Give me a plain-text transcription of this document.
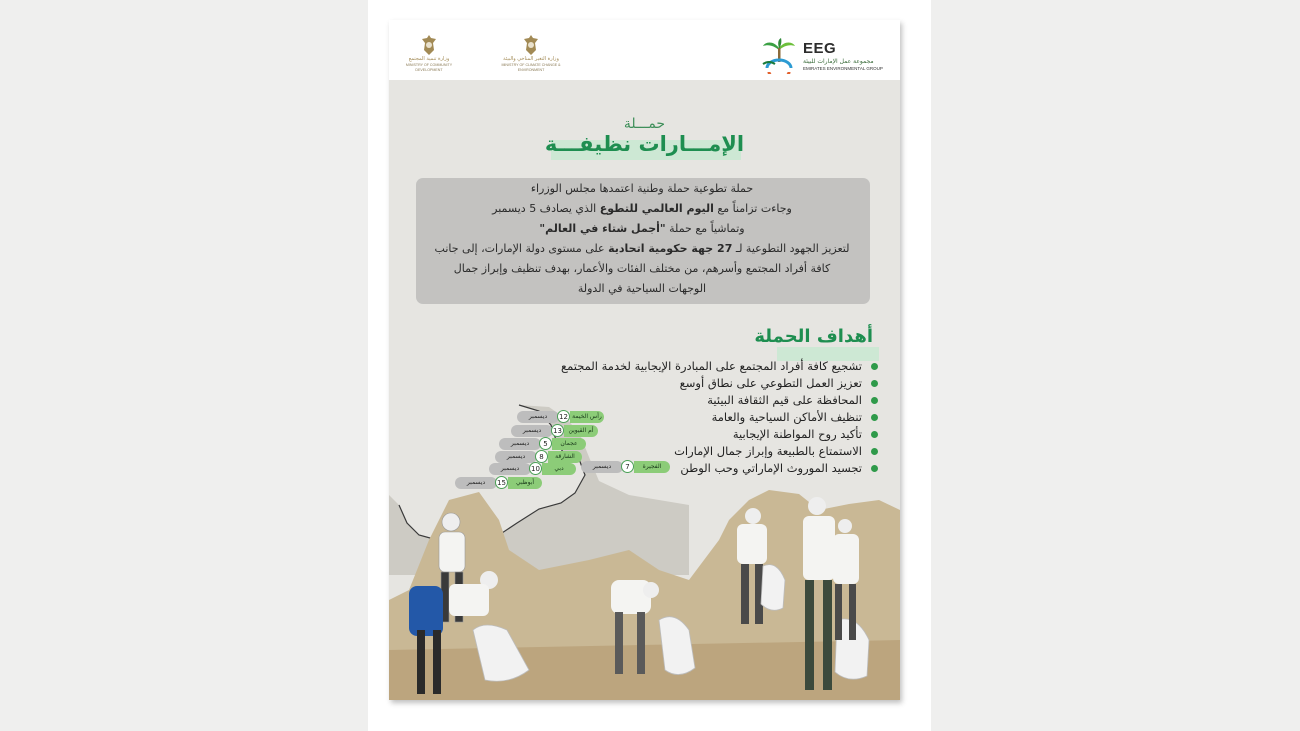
EEG
مجموعة عمل الإمارات للبيئة
EMIRATES ENVIRONMENTAL GROUP
وزارة التغير المناخي والبيئة
MINISTRY OF CLIMATE CHANGE & ENVIRONMENT
وزارة تنمية المجتمع
MINISTRY OF COMMUNITY DEVELOPMENT
حمـــلة
الإمـــارات نظيفـــة
حملة تطوعية حملة وطنية اعتمدها مجلس الوزراء
وجاءت تزامناً مع اليوم العالمي للتطوع الذي يصادف 5 ديسمبر
وتماشياً مع حملة "أجمل شتاء في العالم"
لتعزيز الجهود التطوعية لـ 27 جهة حكومية اتحادية على مستوى دولة الإمارات، إلى جانب
كافة أفراد المجتمع وأسرهم، من مختلف الفئات والأعمار، بهدف تنظيف وإبراز جمال
الوجهات السياحية في الدولة
أهداف الحملة
تشجيع كافة أفراد المجتمع على المبادرة الإيجابية لخدمة المجتمع
تعزيز العمل التطوعي على نطاق أوسع
المحافظة على قيم الثقافة البيئية
تنظيف الأماكن السياحية والعامة
تأكيد روح المواطنة الإيجابية
الاستمتاع بالطبيعة وإبراز جمال الإمارات
تجسيد الموروث الإماراتي وحب الوطن
ديسمبر	12 رأس الخيمة
ديسمبر	13	أم القيوين
ديسمبر	5	عجمان
ديسمبر	8	الشارقة
ديسمبر	10	دبي
ديسمبر	15	أبوظبي
ديسمبر	7	الفجيرة
